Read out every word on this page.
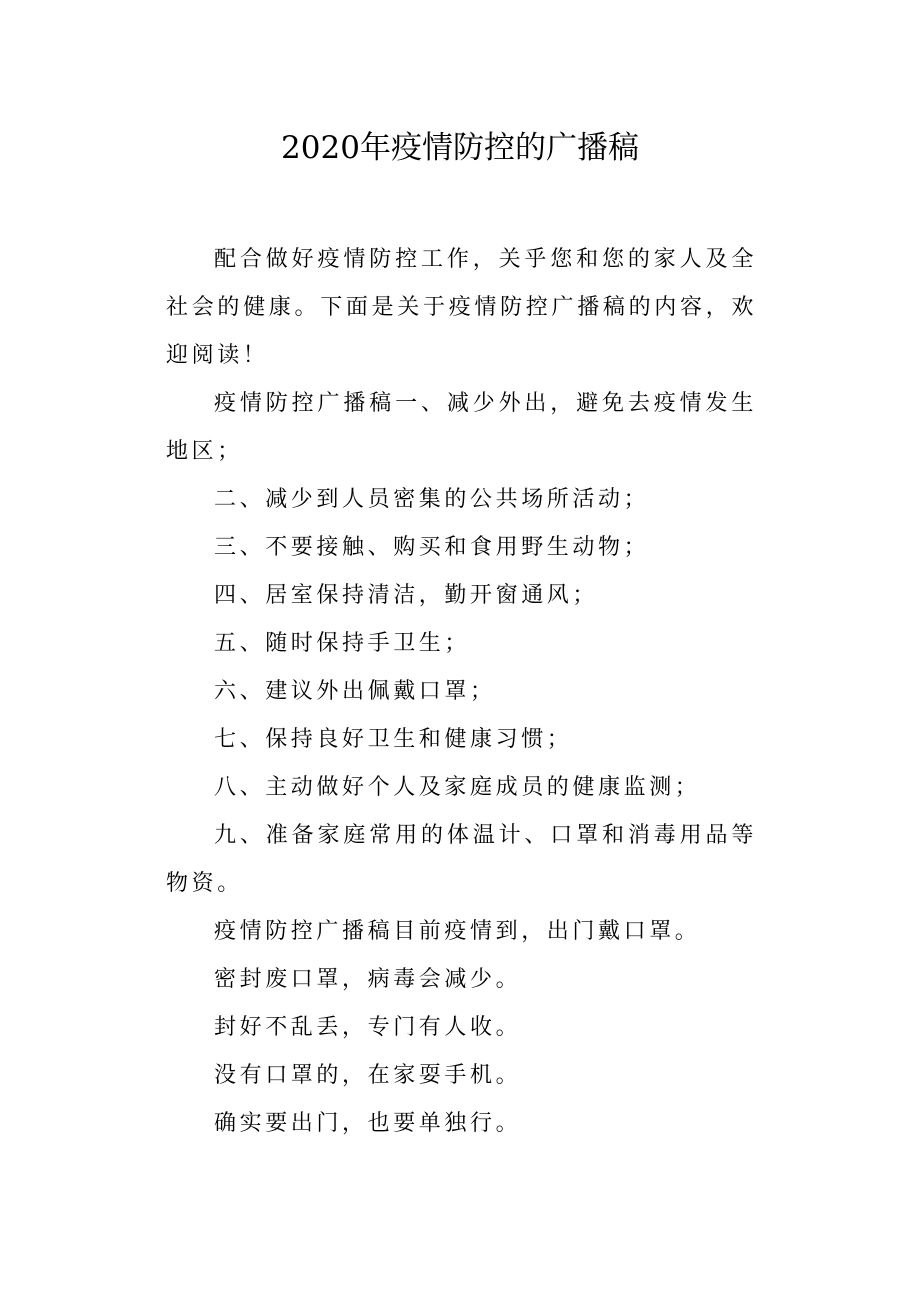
2020年疫情防控的广播稿

配合做好疫情防控工作，关乎您和您的家人及全社会的健康。下面是关于疫情防控广播稿的内容，欢迎阅读！

疫情防控广播稿一、减少外出，避免去疫情发生地区；

二、减少到人员密集的公共场所活动；

三、不要接触、购买和食用野生动物；

四、居室保持清洁，勤开窗通风；

五、随时保持手卫生；

六、建议外出佩戴口罩；

七、保持良好卫生和健康习惯；

八、主动做好个人及家庭成员的健康监测；

九、准备家庭常用的体温计、口罩和消毒用品等物资。

疫情防控广播稿目前疫情到，出门戴口罩。

密封废口罩，病毒会减少。

封好不乱丢，专门有人收。

没有口罩的，在家耍手机。

确实要出门，也要单独行。
